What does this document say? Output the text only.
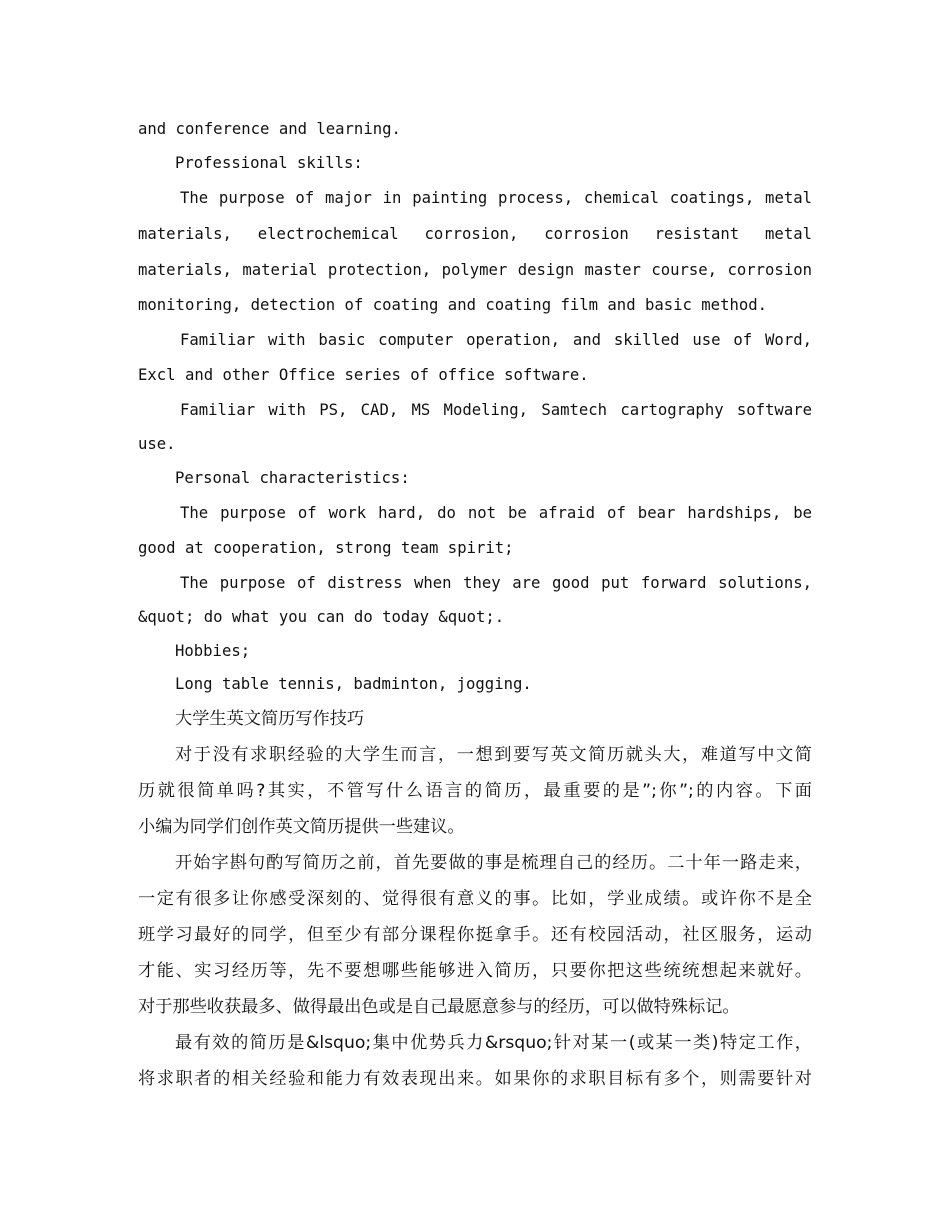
and conference and learning.
Professional skills:
The purpose of major in painting process, chemical coatings, metal
materials, electrochemical corrosion, corrosion resistant metal
materials, material protection, polymer design master course, corrosion
monitoring, detection of coating and coating film and basic method.
Familiar with basic computer operation, and skilled use of Word,
Excl and other Office series of office software.
Familiar with PS, CAD, MS Modeling, Samtech cartography software
use.
Personal characteristics:
The purpose of work hard, do not be afraid of bear hardships, be
good at cooperation, strong team spirit;
The purpose of distress when they are good put forward solutions,
&quot; do what you can do today &quot;.
Hobbies;
Long table tennis, badminton, jogging.
大学生英文简历写作技巧
对于没有求职经验的大学生而言，一想到要写英文简历就头大，难道写中文简
历就很简单吗?其实，不管写什么语言的简历，最重要的是”;你”;的内容。下面
小编为同学们创作英文简历提供一些建议。
开始字斟句酌写简历之前，首先要做的事是梳理自己的经历。二十年一路走来，
一定有很多让你感受深刻的、觉得很有意义的事。比如，学业成绩。或许你不是全
班学习最好的同学，但至少有部分课程你挺拿手。还有校园活动，社区服务，运动
才能、实习经历等，先不要想哪些能够进入简历，只要你把这些统统想起来就好。
对于那些收获最多、做得最出色或是自己最愿意参与的经历，可以做特殊标记。
最有效的简历是&lsquo;集中优势兵力&rsquo;针对某一(或某一类)特定工作，
将求职者的相关经验和能力有效表现出来。如果你的求职目标有多个，则需要针对
